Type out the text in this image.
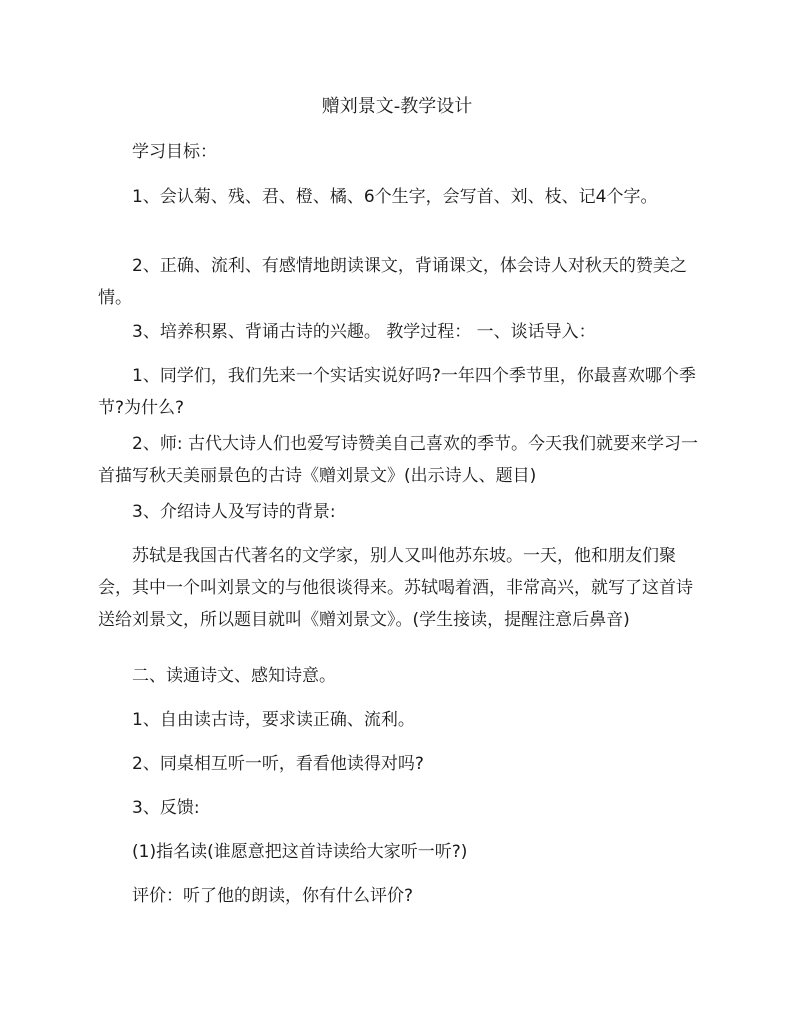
赠刘景文-教学设计

学习目标：

1、会认菊、残、君、橙、橘、6个生字，会写首、刘、枝、记4个字。

2、正确、流利、有感情地朗读课文，背诵课文，体会诗人对秋天的赞美之情。

3、培养积累、背诵古诗的兴趣。 教学过程： 一、谈话导入：

1、同学们，我们先来一个实话实说好吗?一年四个季节里，你最喜欢哪个季节?为什么?

2、师: 古代大诗人们也爱写诗赞美自己喜欢的季节。今天我们就要来学习一首描写秋天美丽景色的古诗《赠刘景文》(出示诗人、题目)

3、介绍诗人及写诗的背景:

苏轼是我国古代著名的文学家，别人又叫他苏东坡。一天，他和朋友们聚会，其中一个叫刘景文的与他很谈得来。苏轼喝着酒，非常高兴，就写了这首诗送给刘景文，所以题目就叫《赠刘景文》。(学生接读，提醒注意后鼻音)

二、读通诗文、感知诗意。

1、自由读古诗，要求读正确、流利。

2、同桌相互听一听，看看他读得对吗?

3、反馈:

(1)指名读(谁愿意把这首诗读给大家听一听?)

评价：听了他的朗读，你有什么评价?
